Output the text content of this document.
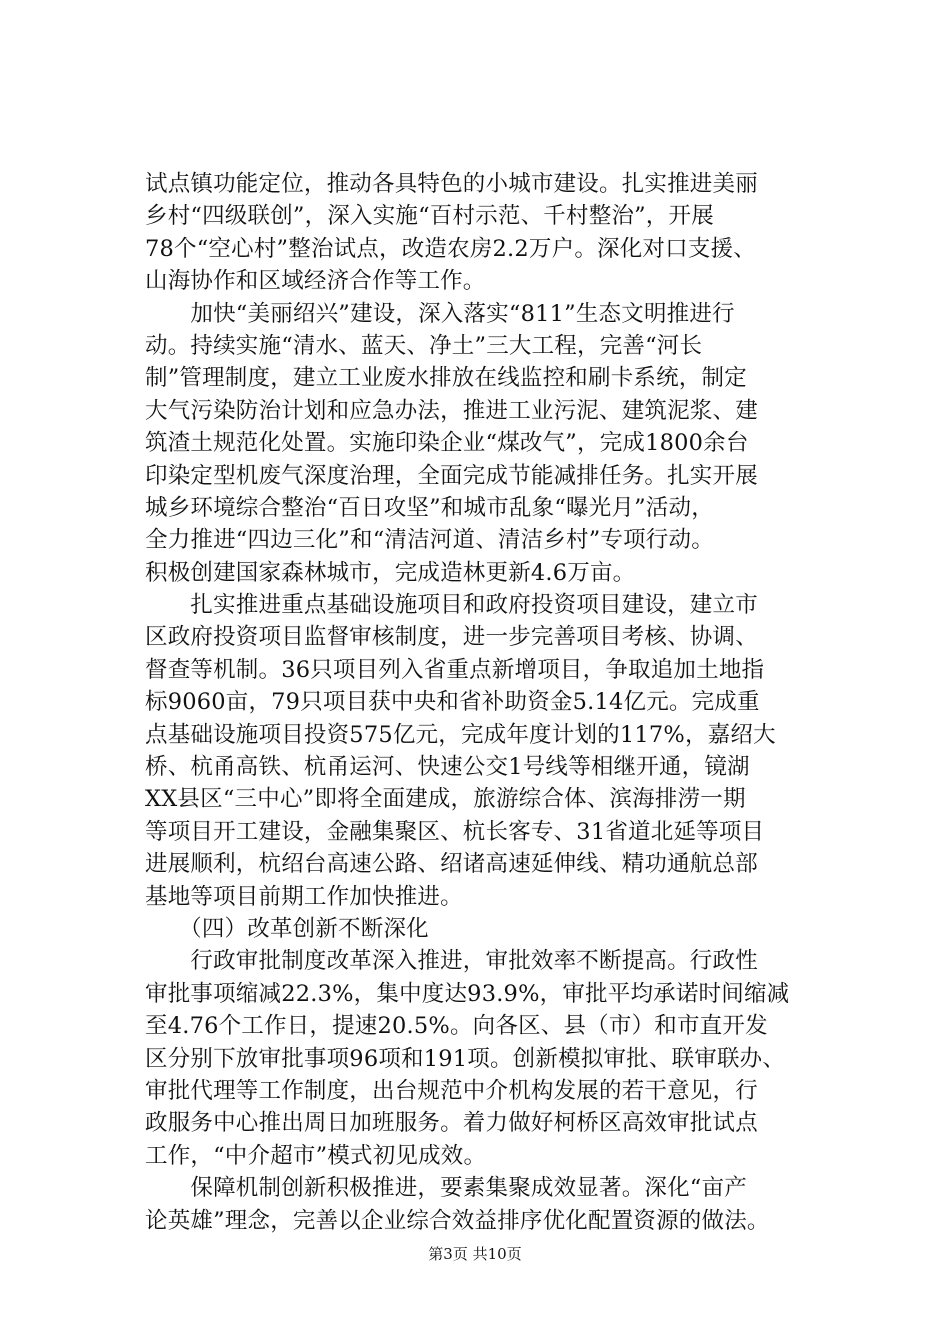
试点镇功能定位，推动各具特色的小城市建设。扎实推进美丽
乡村“四级联创”，深入实施“百村示范、千村整治”，开展
78个“空心村”整治试点，改造农房2.2万户。深化对口支援、
山海协作和区域经济合作等工作。
　　加快“美丽绍兴”建设，深入落实“811”生态文明推进行
动。持续实施“清水、蓝天、净土”三大工程，完善“河长
制”管理制度，建立工业废水排放在线监控和刷卡系统，制定
大气污染防治计划和应急办法，推进工业污泥、建筑泥浆、建
筑渣土规范化处置。实施印染企业“煤改气”，完成1800余台
印染定型机废气深度治理，全面完成节能减排任务。扎实开展
城乡环境综合整治“百日攻坚”和城市乱象“曝光月”活动，
全力推进“四边三化”和“清洁河道、清洁乡村”专项行动。
积极创建国家森林城市，完成造林更新4.6万亩。
　　扎实推进重点基础设施项目和政府投资项目建设，建立市
区政府投资项目监督审核制度，进一步完善项目考核、协调、
督查等机制。36只项目列入省重点新增项目，争取追加土地指
标9060亩，79只项目获中央和省补助资金5.14亿元。完成重
点基础设施项目投资575亿元，完成年度计划的117%，嘉绍大
桥、杭甬高铁、杭甬运河、快速公交1号线等相继开通，镜湖
XX县区“三中心”即将全面建成，旅游综合体、滨海排涝一期
等项目开工建设，金融集聚区、杭长客专、31省道北延等项目
进展顺利，杭绍台高速公路、绍诸高速延伸线、精功通航总部
基地等项目前期工作加快推进。
　　（四）改革创新不断深化
　　行政审批制度改革深入推进，审批效率不断提高。行政性
审批事项缩减22.3%，集中度达93.9%，审批平均承诺时间缩减
至4.76个工作日，提速20.5%。向各区、县（市）和市直开发
区分别下放审批事项96项和191项。创新模拟审批、联审联办、
审批代理等工作制度，出台规范中介机构发展的若干意见，行
政服务中心推出周日加班服务。着力做好柯桥区高效审批试点
工作，“中介超市”模式初见成效。
　　保障机制创新积极推进，要素集聚成效显著。深化“亩产
论英雄”理念，完善以企业综合效益排序优化配置资源的做法。
第3页 共10页
